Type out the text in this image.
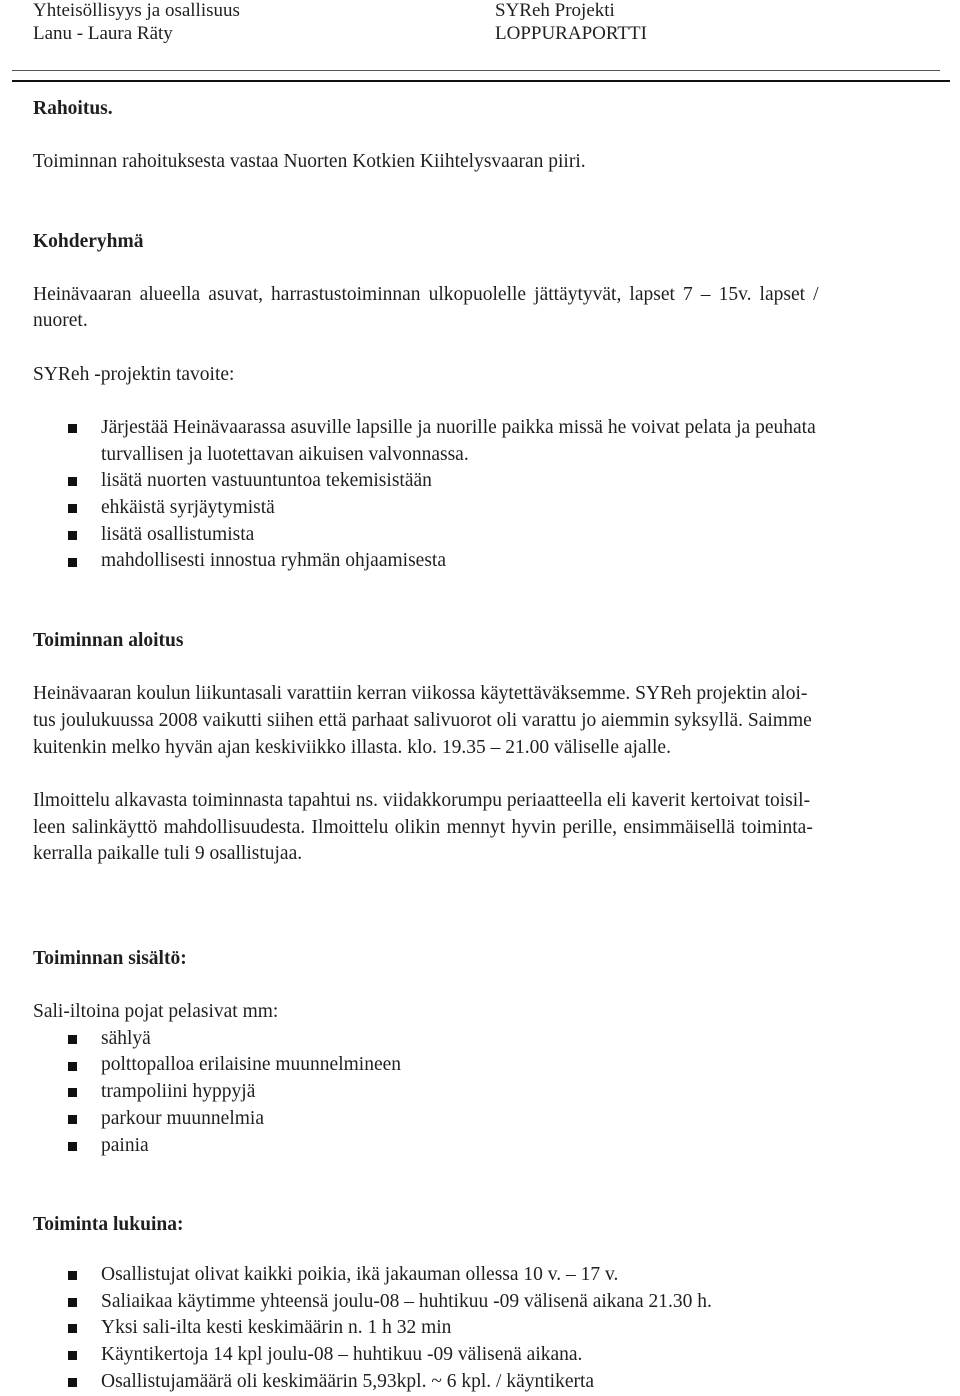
Yhteisöllisyys ja osallisuus
Lanu - Laura Räty
SYReh Projekti
LOPPURAPORTTI
Rahoitus.
Toiminnan rahoituksesta vastaa Nuorten Kotkien Kiihtelysvaaran piiri.
Kohderyhmä
Heinävaaran alueella asuvat, harrastustoiminnan ulkopuolelle jättäytyvät, lapset 7 – 15v. lapset /
nuoret.
SYReh -projektin tavoite:
Järjestää Heinävaarassa asuville lapsille ja nuorille paikka missä he voivat pelata ja peuhata
turvallisen ja luotettavan aikuisen valvonnassa.
lisätä nuorten vastuuntuntoa tekemisistään
ehkäistä syrjäytymistä
lisätä osallistumista
mahdollisesti innostua ryhmän ohjaamisesta
Toiminnan aloitus
Heinävaaran koulun liikuntasali varattiin kerran viikossa käytettäväksemme. SYReh projektin aloi-
tus joulukuussa 2008 vaikutti siihen että parhaat salivuorot oli varattu jo aiemmin syksyllä. Saimme
kuitenkin melko hyvän ajan keskiviikko illasta. klo. 19.35 – 21.00 väliselle ajalle.
Ilmoittelu alkavasta toiminnasta tapahtui ns. viidakkorumpu periaatteella eli kaverit kertoivat toisil-
leen salinkäyttö mahdollisuudesta. Ilmoittelu olikin mennyt hyvin perille, ensimmäisellä toiminta-
kerralla paikalle tuli 9 osallistujaa.
Toiminnan sisältö:
Sali-iltoina pojat pelasivat mm:
sählyä
polttopalloa erilaisine muunnelmineen
trampoliini hyppyjä
parkour muunnelmia
painia
Toiminta lukuina:
Osallistujat olivat kaikki poikia, ikä jakauman ollessa 10 v. – 17 v.
Saliaikaa käytimme yhteensä joulu-08 – huhtikuu -09 välisenä aikana 21.30 h.
Yksi sali-ilta kesti keskimäärin n. 1 h 32 min
Käyntikertoja 14 kpl joulu-08 – huhtikuu -09 välisenä aikana.
Osallistujamäärä oli keskimäärin 5,93kpl. ~ 6 kpl. / käyntikerta
